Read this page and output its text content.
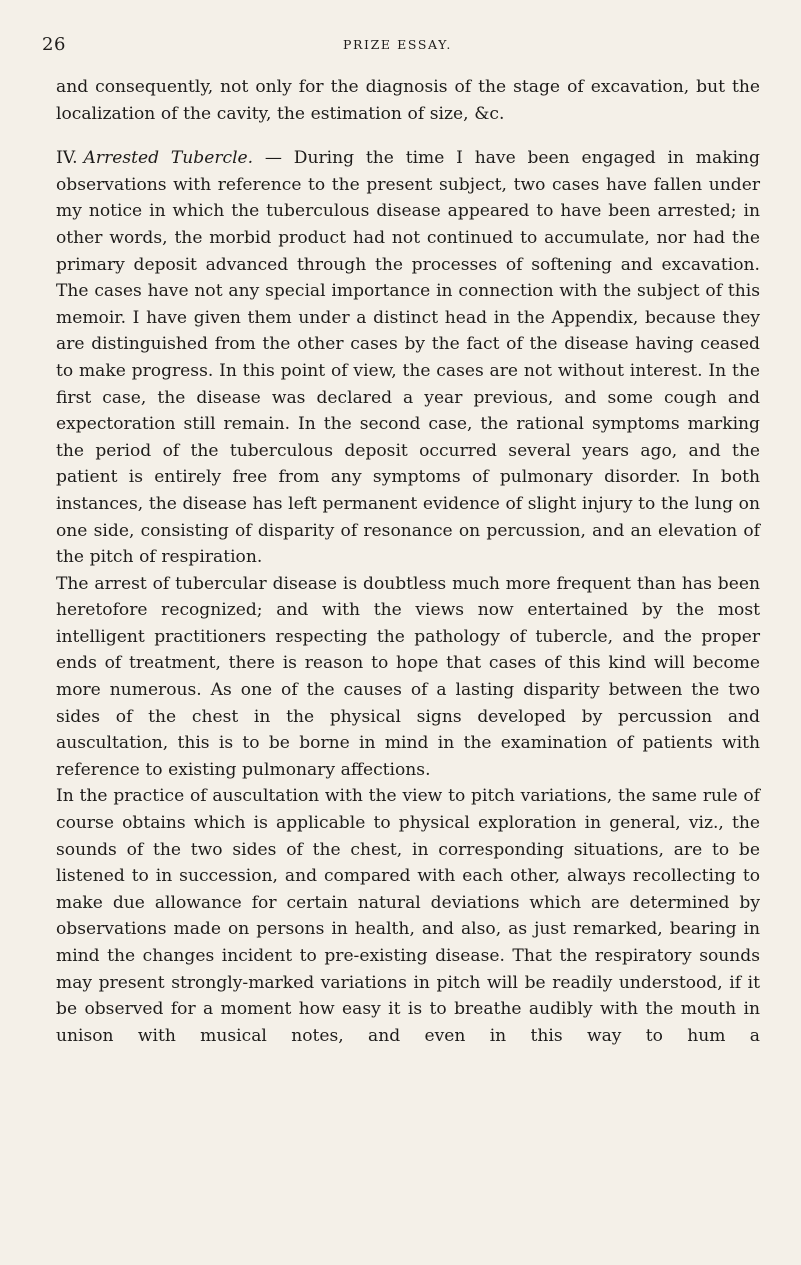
26	PRIZE ESSAY.

and consequently, not only for the diagnosis of the stage of excavation, but the localization of the cavity, the estimation of size, &c.

IV. Arrested Tubercle. — During the time I have been engaged in making observations with reference to the present subject, two cases have fallen under my notice in which the tuberculous disease appeared to have been arrested; in other words, the morbid product had not continued to accumulate, nor had the primary deposit advanced through the processes of softening and excavation. The cases have not any special importance in connection with the subject of this memoir. I have given them under a distinct head in the Appendix, because they are distinguished from the other cases by the fact of the disease having ceased to make progress. In this point of view, the cases are not without interest. In the first case, the disease was declared a year previous, and some cough and expectoration still remain. In the second case, the rational symptoms marking the period of the tuberculous deposit occurred several years ago, and the patient is entirely free from any symptoms of pulmonary disorder. In both instances, the disease has left permanent evidence of slight injury to the lung on one side, consisting of disparity of resonance on percussion, and an elevation of the pitch of respiration.

The arrest of tubercular disease is doubtless much more frequent than has been heretofore recognized; and with the views now entertained by the most intelligent practitioners respecting the pathology of tubercle, and the proper ends of treatment, there is reason to hope that cases of this kind will become more numerous. As one of the causes of a lasting disparity between the two sides of the chest in the physical signs developed by percussion and auscultation, this is to be borne in mind in the examination of patients with reference to existing pulmonary affections.

In the practice of auscultation with the view to pitch variations, the same rule of course obtains which is applicable to physical exploration in general, viz., the sounds of the two sides of the chest, in corresponding situations, are to be listened to in succession, and compared with each other, always recollecting to make due allowance for certain natural deviations which are determined by observations made on persons in health, and also, as just remarked, bearing in mind the changes incident to pre-existing disease. That the respiratory sounds may present strongly-marked variations in pitch will be readily understood, if it be observed for a moment how easy it is to breathe audibly with the mouth in unison with musical notes, and even in this way to hum a
